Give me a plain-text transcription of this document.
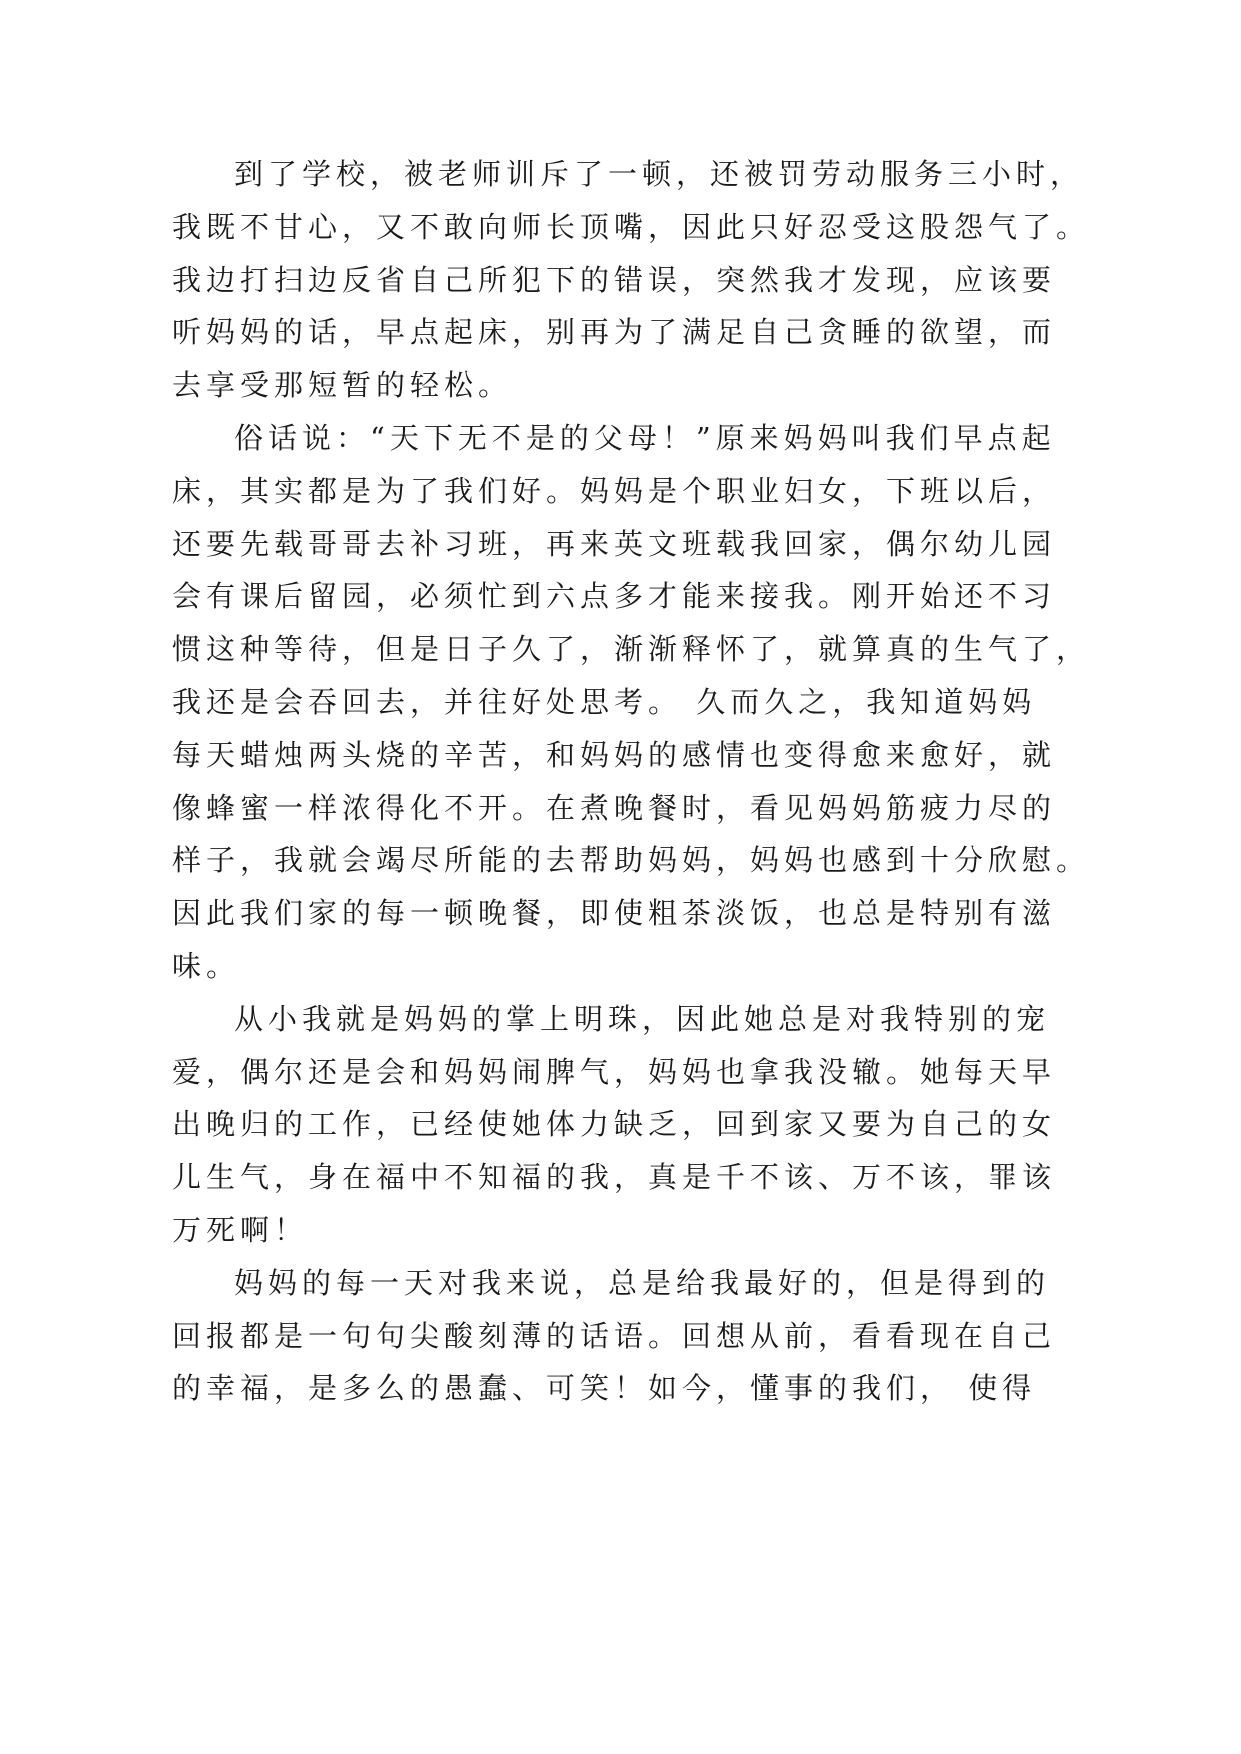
到了学校，被老师训斥了一顿，还被罚劳动服务三小时，
我既不甘心，又不敢向师长顶嘴，因此只好忍受这股怨气了。
我边打扫边反省自己所犯下的错误，突然我才发现，应该要
听妈妈的话，早点起床，别再为了满足自己贪睡的欲望，而
去享受那短暂的轻松。

俗话说：“天下无不是的父母！”原来妈妈叫我们早点起
床，其实都是为了我们好。妈妈是个职业妇女，下班以后，
还要先载哥哥去补习班，再来英文班载我回家，偶尔幼儿园
会有课后留园，必须忙到六点多才能来接我。刚开始还不习
惯这种等待，但是日子久了，渐渐释怀了，就算真的生气了，
我还是会吞回去，并往好处思考。 久而久之，我知道妈妈
每天蜡烛两头烧的辛苦，和妈妈的感情也变得愈来愈好，就
像蜂蜜一样浓得化不开。在煮晚餐时，看见妈妈筋疲力尽的
样子，我就会竭尽所能的去帮助妈妈，妈妈也感到十分欣慰。
因此我们家的每一顿晚餐，即使粗茶淡饭，也总是特别有滋
味。

从小我就是妈妈的掌上明珠，因此她总是对我特别的宠
爱，偶尔还是会和妈妈闹脾气，妈妈也拿我没辙。她每天早
出晚归的工作，已经使她体力缺乏，回到家又要为自己的女
儿生气，身在福中不知福的我，真是千不该、万不该，罪该
万死啊！

妈妈的每一天对我来说，总是给我最好的，但是得到的
回报都是一句句尖酸刻薄的话语。回想从前，看看现在自己
的幸福，是多么的愚蠢、可笑！如今，懂事的我们， 使得
